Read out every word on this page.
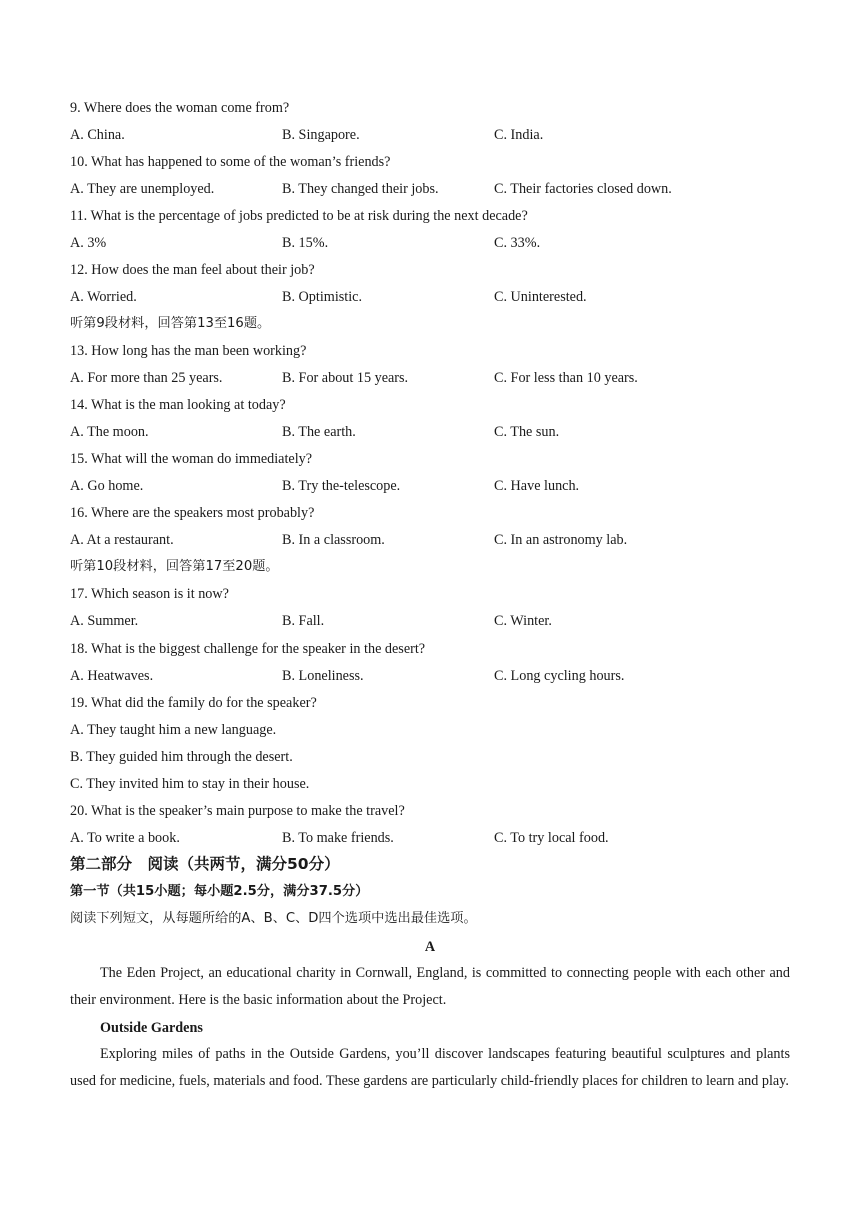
9. Where does the woman come from?
A. China.	B. Singapore.	C. India.
10. What has happened to some of the woman’s friends?
A. They are unemployed.	B. They changed their jobs.	C. Their factories closed down.
11. What is the percentage of jobs predicted to be at risk during the next decade?
A. 3%	B. 15%.	C. 33%.
12. How does the man feel about their job?
A. Worried.	B. Optimistic.	C. Uninterested.
听第9段材料，回答第13至16题。
13. How long has the man been working?
A. For more than 25 years.	B. For about 15 years.	C. For less than 10 years.
14. What is the man looking at today?
A. The moon.	B. The earth.	C. The sun.
15. What will the woman do immediately?
A. Go home.	B. Try the-telescope.	C. Have lunch.
16. Where are the speakers most probably?
A. At a restaurant.	B. In a classroom.	C. In an astronomy lab.
听第10段材料，回答第17至20题。
17. Which season is it now?
A. Summer.	B. Fall.	C. Winter.
18. What is the biggest challenge for the speaker in the desert?
A. Heatwaves.	B. Loneliness.	C. Long cycling hours.
19. What did the family do for the speaker?
A. They taught him a new language.
B. They guided him through the desert.
C. They invited him to stay in their house.
20. What is the speaker’s main purpose to make the travel?
A. To write a book.	B. To make friends.	C. To try local food.
第二部分　阅读（共两节，满分50分）
第一节（共15小题；每小题2.5分，满分37.5分）
阅读下列短文，从每题所给的A、B、C、D四个选项中选出最佳选项。
A
The Eden Project, an educational charity in Cornwall, England, is committed to connecting people with each other and their environment. Here is the basic information about the Project.
Outside Gardens
Exploring miles of paths in the Outside Gardens, you’ll discover landscapes featuring beautiful sculptures and plants used for medicine, fuels, materials and food. These gardens are particularly child-friendly places for children to learn and play.
